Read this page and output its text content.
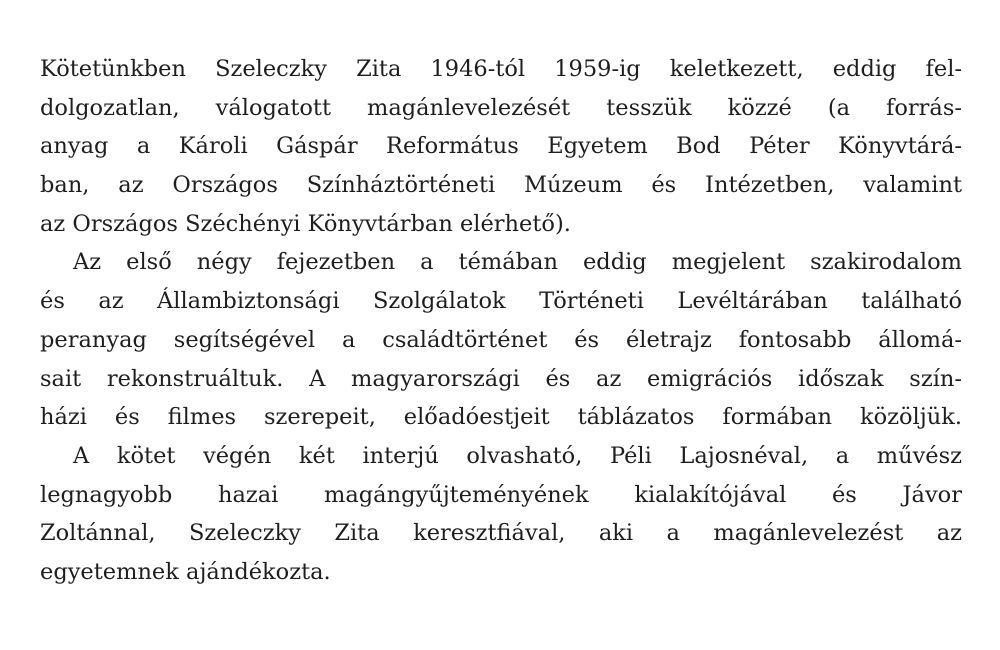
Kötetünkben Szeleczky Zita 1946-tól 1959-ig keletkezett, eddig fel-
dolgozatlan, válogatott magánlevelezését tesszük közzé (a forrás-
anyag a Károli Gáspár Református Egyetem Bod Péter Könyvtárá-
ban, az Országos Színháztörténeti Múzeum és Intézetben, valamint
az Országos Széchényi Könyvtárban elérhető).
Az első négy fejezetben a témában eddig megjelent szakirodalom
és az Állambiztonsági Szolgálatok Történeti Levéltárában található
peranyag segítségével a családtörténet és életrajz fontosabb állomá-
sait rekonstruáltuk. A magyarországi és az emigrációs időszak szín-
házi és filmes szerepeit, előadóestjeit táblázatos formában közöljük.
A kötet végén két interjú olvasható, Péli Lajosnéval, a művész
legnagyobb hazai magángyűjteményének kialakítójával és Jávor
Zoltánnal, Szeleczky Zita keresztfiával, aki a magánlevelezést az
egyetemnek ajándékozta.
